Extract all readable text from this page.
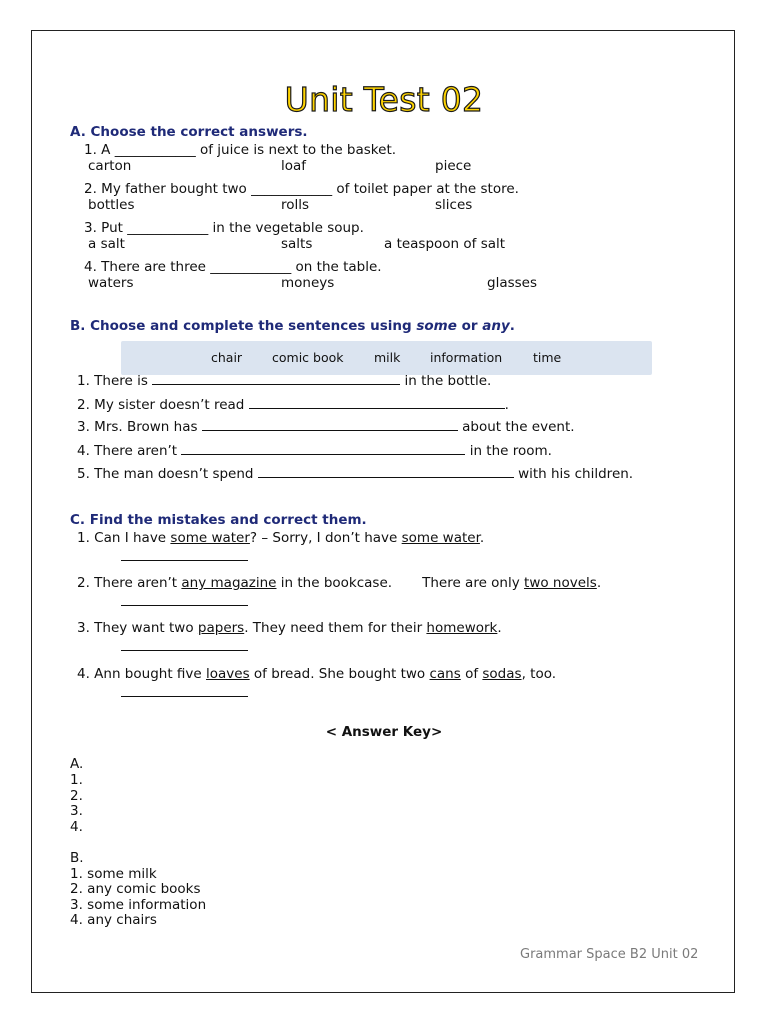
Unit Test 02
A. Choose the correct answers.
1. A ____________ of juice is next to the basket.
carton	loaf	piece
2. My father bought two ____________ of toilet paper at the store.
bottles	rolls	slices
3. Put ____________ in the vegetable soup.
a salt	salts	a teaspoon of salt
4. There are three ____________ on the table.
waters	moneys	glasses
B. Choose and complete the sentences using some or any.
chair comic book milk information time
1. There is	in the bottle.
2. My sister doesn’t read	.
3. Mrs. Brown has	about the event.
4. There aren’t	in the room.
5. The man doesn’t spend	with his children.
C. Find the mistakes and correct them.
1. Can I have some water? – Sorry, I don’t have some water.
2. There aren’t any magazine in the bookcase.       There are only two novels.
3. They want two papers. They need them for their homework.
4. Ann bought five loaves of bread. She bought two cans of sodas, too.
< Answer Key>
A.
1.
2.
3.
4.
B.
1. some milk
2. any comic books
3. some information
4. any chairs
Grammar Space B2 Unit 02
